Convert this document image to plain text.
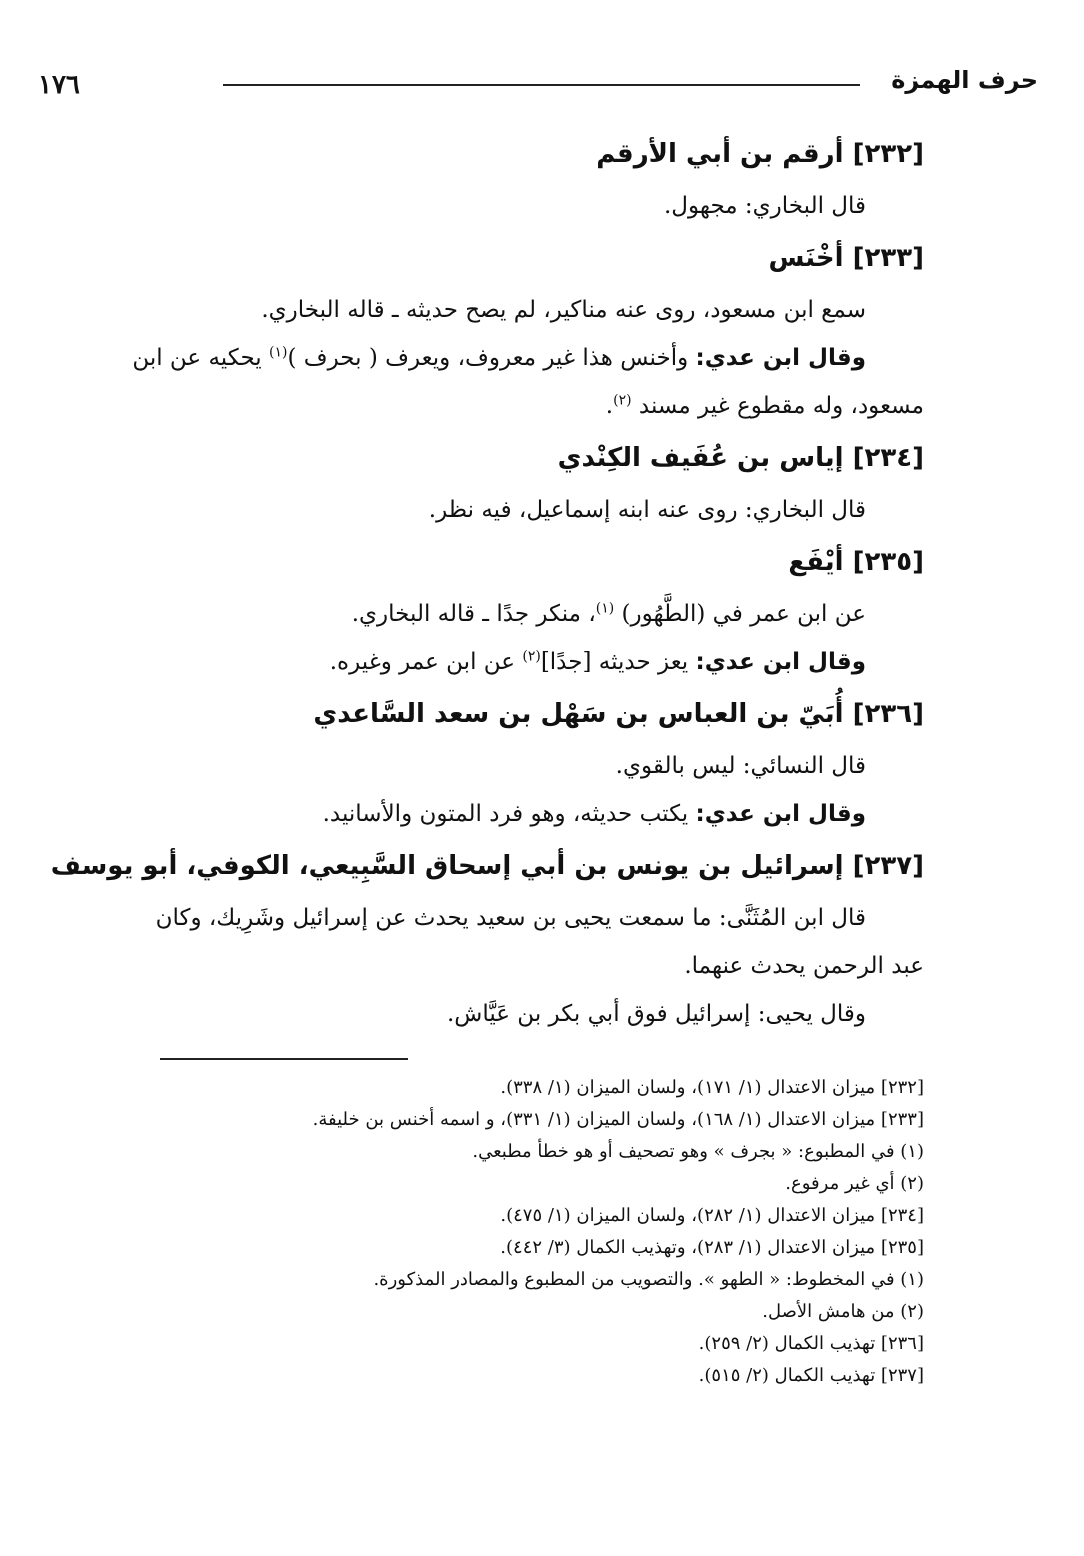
حرف الهمزة
١٧٦
[٢٣٢] أرقم بن أبي الأرقم
قال البخاري: مجهول.
[٢٣٣] أخْنَس
سمع ابن مسعود، روى عنه مناكير، لم يصح حديثه ـ قاله البخاري.
وقال ابن عدي: وأخنس هذا غير معروف، ويعرف ( بحرف )$^{(١)}$ يحكيه عن ابن
مسعود، وله مقطوع غير مسند $^{(٢)}$.
[٢٣٤] إياس بن عُفَيف الكِنْدي
قال البخاري: روى عنه ابنه إسماعيل، فيه نظر.
[٢٣٥] أيْفَع
عن ابن عمر في (الطَّهُور) $^{(١)}$، منكر جدًا ـ قاله البخاري.
وقال ابن عدي: يعز حديثه [جدًا]$^{(٢)}$ عن ابن عمر وغيره.
[٢٣٦] أُبَيّ بن العباس بن سَهْل بن سعد السَّاعدي
قال النسائي: ليس بالقوي.
وقال ابن عدي: يكتب حديثه، وهو فرد المتون والأسانيد.
[٢٣٧] إسرائيل بن يونس بن أبي إسحاق السَّبِيعي، الكوفي، أبو يوسف
قال ابن المُثَنَّى: ما سمعت يحيى بن سعيد يحدث عن إسرائيل وشَرِيك، وكان
عبد الرحمن يحدث عنهما.
وقال يحيى: إسرائيل فوق أبي بكر بن عَيَّاش.
[٢٣٢] ميزان الاعتدال (١/ ١٧١)، ولسان الميزان (١/ ٣٣٨).
[٢٣٣] ميزان الاعتدال (١/ ١٦٨)، ولسان الميزان (١/ ٣٣١)، و اسمه أخنس بن خليفة.
(١) في المطبوع: « بجرف » وهو تصحيف أو هو خطأ مطبعي.
(٢) أي غير مرفوع.
[٢٣٤] ميزان الاعتدال (١/ ٢٨٢)، ولسان الميزان (١/ ٤٧٥).
[٢٣٥] ميزان الاعتدال (١/ ٢٨٣)، وتهذيب الكمال (٣/ ٤٤٢).
(١) في المخطوط: « الطهو ». والتصويب من المطبوع والمصادر المذكورة.
(٢) من هامش الأصل.
[٢٣٦] تهذيب الكمال (٢/ ٢٥٩).
[٢٣٧] تهذيب الكمال (٢/ ٥١٥).
